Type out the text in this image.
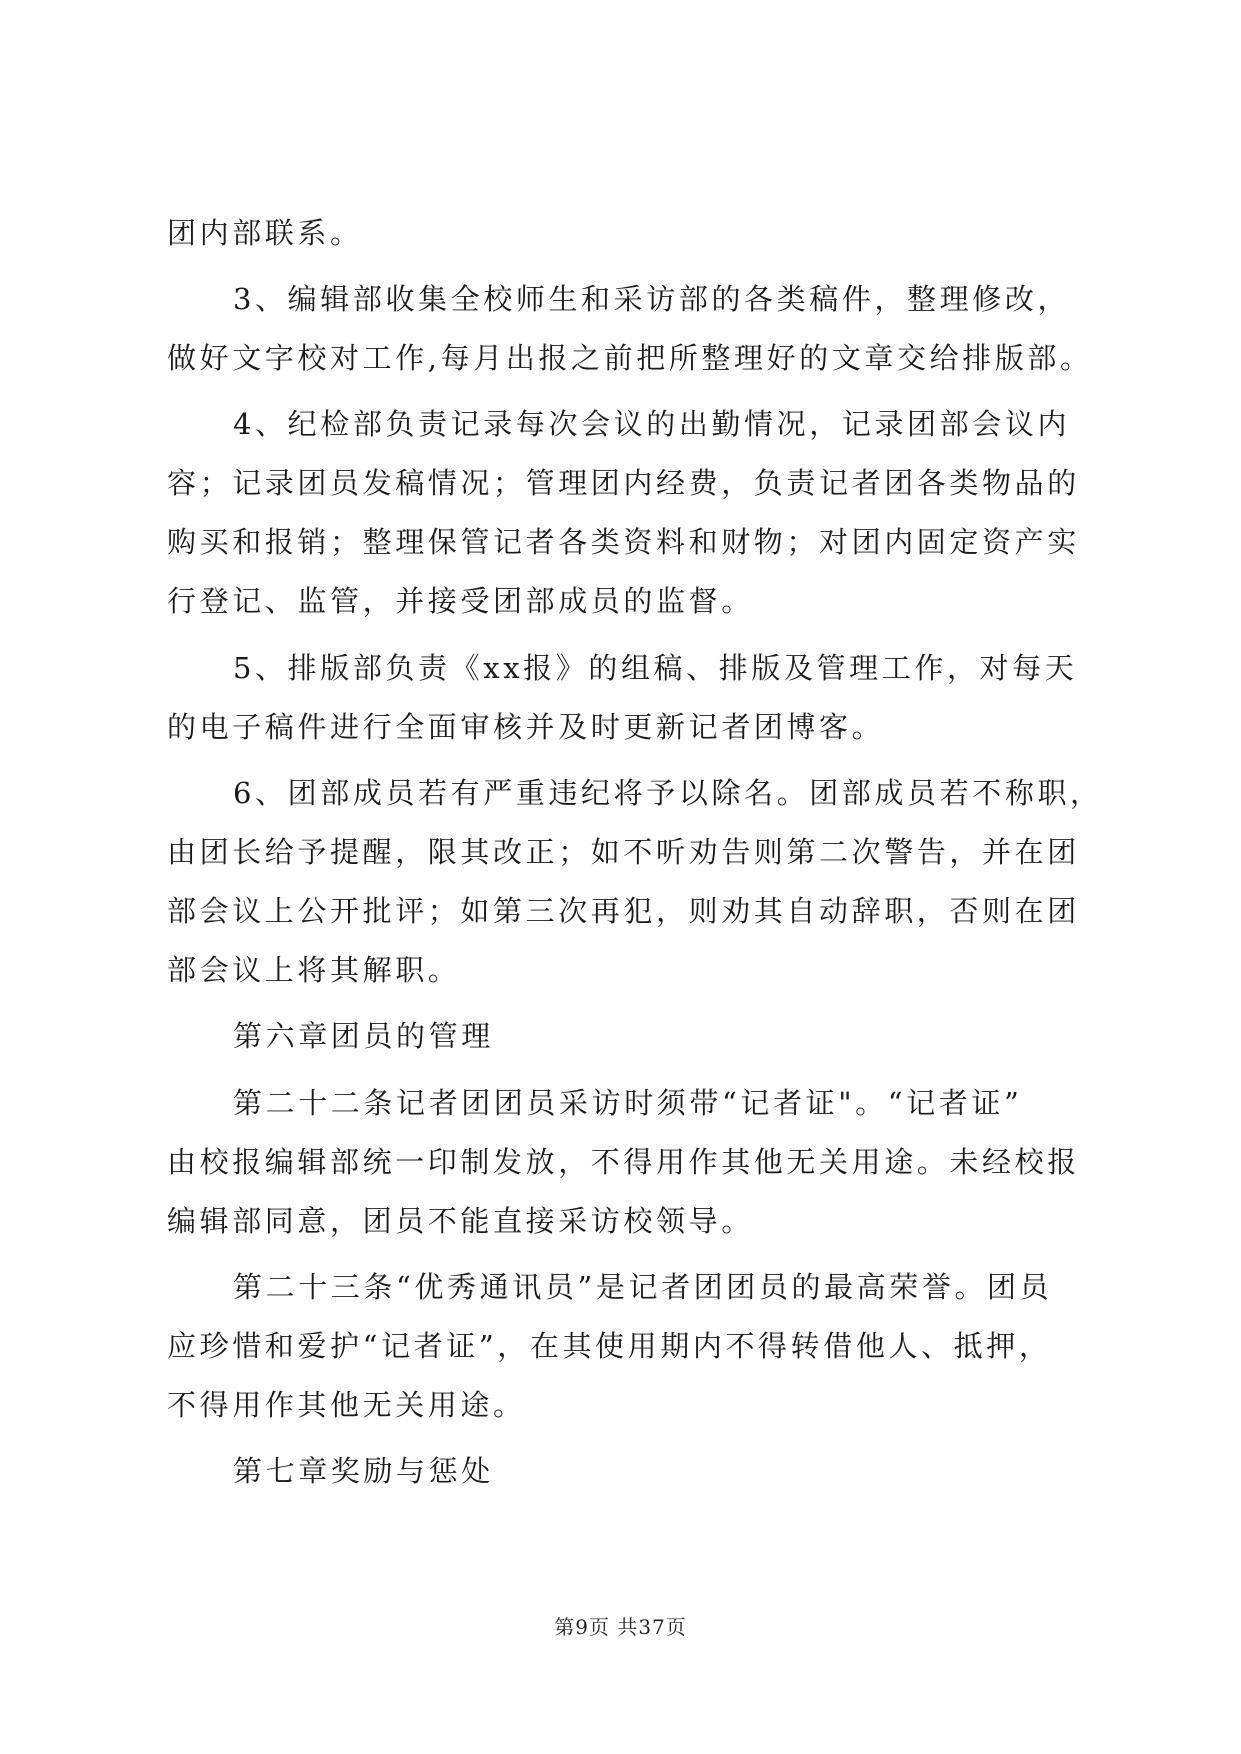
团内部联系。
3、编辑部收集全校师生和采访部的各类稿件，整理修改，
做好文字校对工作,每月出报之前把所整理好的文章交给排版部。
4、纪检部负责记录每次会议的出勤情况，记录团部会议内
容；记录团员发稿情况；管理团内经费，负责记者团各类物品的
购买和报销；整理保管记者各类资料和财物；对团内固定资产实
行登记、监管，并接受团部成员的监督。
5、排版部负责《xx报》的组稿、排版及管理工作，对每天
的电子稿件进行全面审核并及时更新记者团博客。
6、团部成员若有严重违纪将予以除名。团部成员若不称职，
由团长给予提醒，限其改正；如不听劝告则第二次警告，并在团
部会议上公开批评；如第三次再犯，则劝其自动辞职，否则在团
部会议上将其解职。
第六章团员的管理
第二十二条记者团团员采访时须带“记者证"。“记者证”
由校报编辑部统一印制发放，不得用作其他无关用途。未经校报
编辑部同意，团员不能直接采访校领导。
第二十三条“优秀通讯员”是记者团团员的最高荣誉。团员
应珍惜和爱护“记者证”，在其使用期内不得转借他人、抵押，
不得用作其他无关用途。
第七章奖励与惩处
第9页 共37页
